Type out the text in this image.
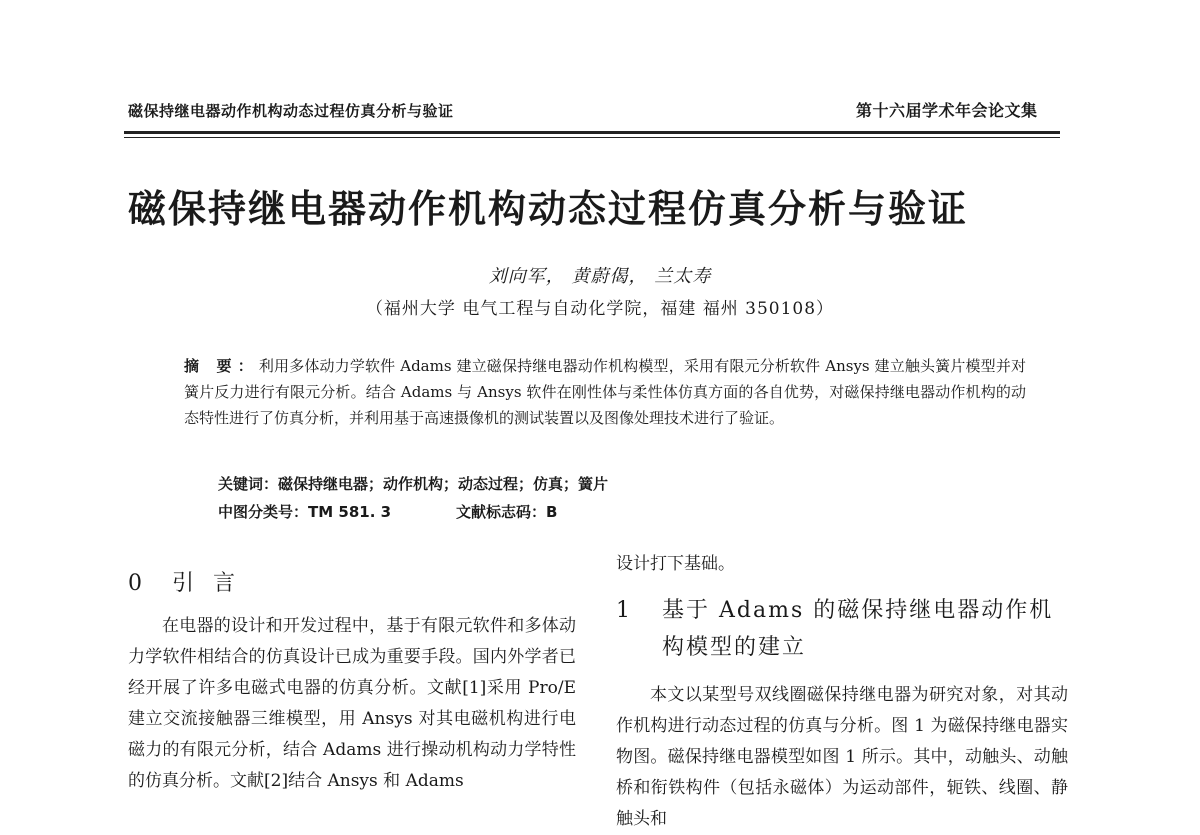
磁保持继电器动作机构动态过程仿真分析与验证	第十六届学术年会论文集
磁保持继电器动作机构动态过程仿真分析与验证
刘向军， 黄蔚偈， 兰太寿
（福州大学 电气工程与自动化学院，福建 福州 350108）
摘 要：利用多体动力学软件 Adams 建立磁保持继电器动作机构模型，采用有限元分析软件 Ansys 建立触头簧片模型并对簧片反力进行有限元分析。结合 Adams 与 Ansys 软件在刚性体与柔性体仿真方面的各自优势，对磁保持继电器动作机构的动态特性进行了仿真分析，并利用基于高速摄像机的测试装置以及图像处理技术进行了验证。
关键词：磁保持继电器；动作机构；动态过程；仿真；簧片
中图分类号：TM 581. 3	文献标志码：B
0 引 言

在电器的设计和开发过程中，基于有限元软件和多体动力学软件相结合的仿真设计已成为重要手段。国内外学者已经开展了许多电磁式电器的仿真分析。文献[1]采用 Pro/E 建立交流接触器三维模型，用 Ansys 对其电磁机构进行电磁力的有限元分析，结合 Adams 进行操动机构动力学特性的仿真分析。文献[2]结合 Ansys 和 Adams

设计打下基础。
1 基于 Adams 的磁保持继电器动作机构模型的建立

本文以某型号双线圈磁保持继电器为研究对象，对其动作机构进行动态过程的仿真与分析。图 1 为磁保持继电器实物图。磁保持继电器模型如图 1 所示。其中，动触头、动触桥和衔铁构件（包括永磁体）为运动部件，轭铁、线圈、静触头和
